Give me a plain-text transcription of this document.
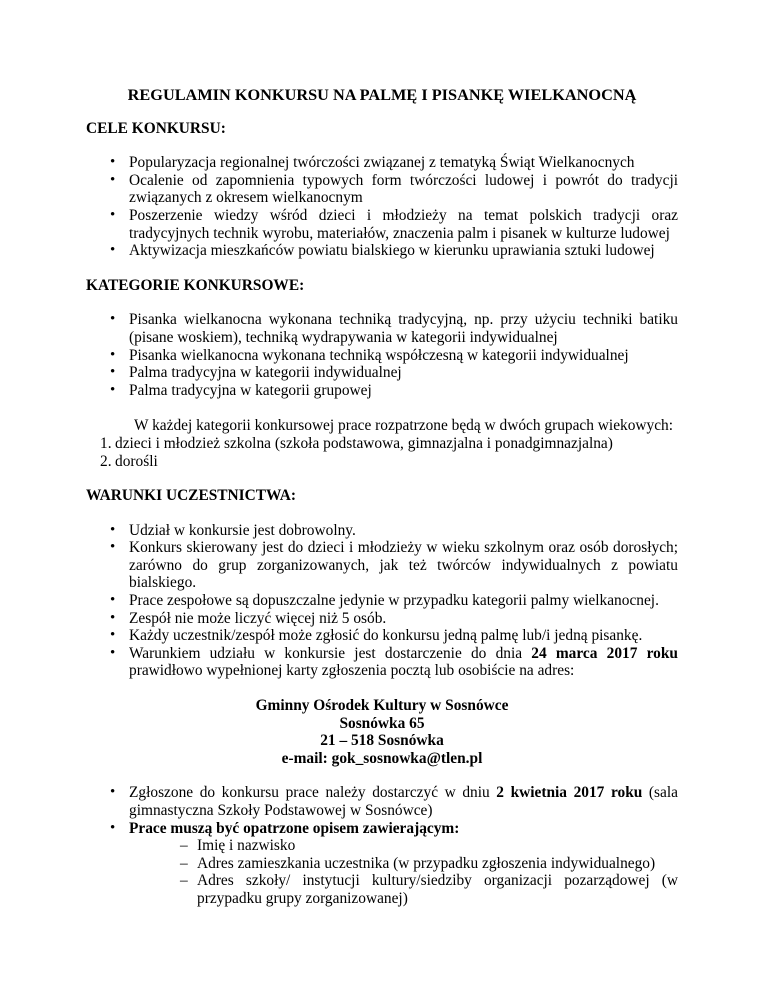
REGULAMIN KONKURSU NA PALMĘ I PISANKĘ WIELKANOCNĄ

CELE KONKURSU:

• Popularyzacja regionalnej twórczości związanej z tematyką Świąt Wielkanocnych
• Ocalenie od zapomnienia typowych form twórczości ludowej i powrót do tradycji związanych z okresem wielkanocnym
• Poszerzenie wiedzy wśród dzieci i młodzieży na temat polskich tradycji oraz tradycyjnych technik wyrobu, materiałów, znaczenia palm i pisanek w kulturze ludowej
• Aktywizacja mieszkańców powiatu bialskiego w kierunku uprawiania sztuki ludowej

KATEGORIE KONKURSOWE:

• Pisanka wielkanocna wykonana techniką tradycyjną, np. przy użyciu techniki batiku (pisane woskiem), techniką wydrapywania w kategorii indywidualnej
• Pisanka wielkanocna wykonana techniką współczesną w kategorii indywidualnej
• Palma tradycyjna w kategorii indywidualnej
• Palma tradycyjna w kategorii grupowej

W każdej kategorii konkursowej prace rozpatrzone będą w dwóch grupach wiekowych:

1. dzieci i młodzież szkolna (szkoła podstawowa, gimnazjalna i ponadgimnazjalna)
2. dorośli

WARUNKI UCZESTNICTWA:

• Udział w konkursie jest dobrowolny.
• Konkurs skierowany jest do dzieci i młodzieży w wieku szkolnym oraz osób dorosłych; zarówno do grup zorganizowanych, jak też twórców indywidualnych z powiatu bialskiego.
• Prace zespołowe są dopuszczalne jedynie w przypadku kategorii palmy wielkanocnej.
• Zespół nie może liczyć więcej niż 5 osób.
• Każdy uczestnik/zespół może zgłosić do konkursu jedną palmę lub/i jedną pisankę.
• Warunkiem udziału w konkursie jest dostarczenie do dnia 24 marca 2017 roku prawidłowo wypełnionej karty zgłoszenia pocztą lub osobiście na adres:

Gminny Ośrodek Kultury w Sosnówce

Sosnówka 65

21 – 518 Sosnówka

e-mail: gok_sosnowka@tlen.pl

• Zgłoszone do konkursu prace należy dostarczyć w dniu 2 kwietnia 2017 roku (sala gimnastyczna Szkoły Podstawowej w Sosnówce)
• Prace muszą być opatrzone opisem zawierającym:
– Imię i nazwisko
– Adres zamieszkania uczestnika (w przypadku zgłoszenia indywidualnego)
– Adres szkoły/ instytucji kultury/siedziby organizacji pozarządowej (w przypadku grupy zorganizowanej)
